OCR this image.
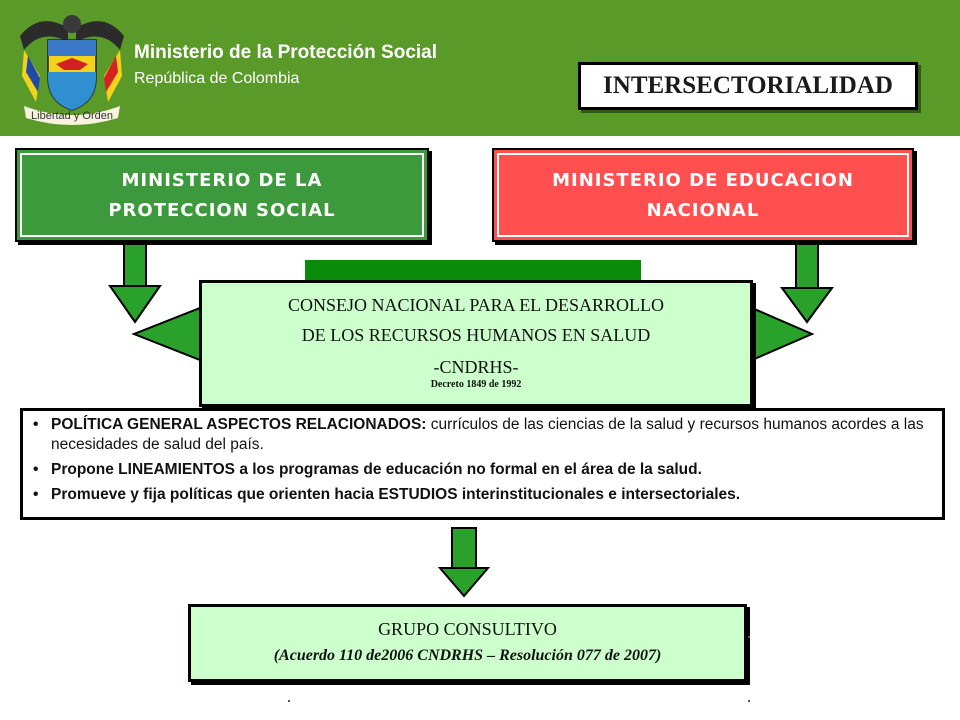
Libertad y Orden
Ministerio de la Protección Social
República de Colombia	INTERSECTORIALIDAD
MINISTERIO DE LA
PROTECCION SOCIAL
MINISTERIO DE EDUCACION
NACIONAL
CONSEJO NACIONAL PARA EL DESARROLLO
DE LOS RECURSOS HUMANOS EN SALUD
-CNDRHS-
Decreto 1849 de 1992
• POLÍTICA GENERAL ASPECTOS RELACIONADOS: currículos de las ciencias de la salud y recursos humanos acordes a las necesidades de salud del país.
• Propone LINEAMIENTOS a los programas de educación no formal en el área de la salud.
• Promueve y fija políticas que orienten hacia ESTUDIOS interinstitucionales e intersectoriales.
GRUPO CONSULTIVO
(Acuerdo 110 de2006 CNDRHS – Resolución 077 de 2007)
